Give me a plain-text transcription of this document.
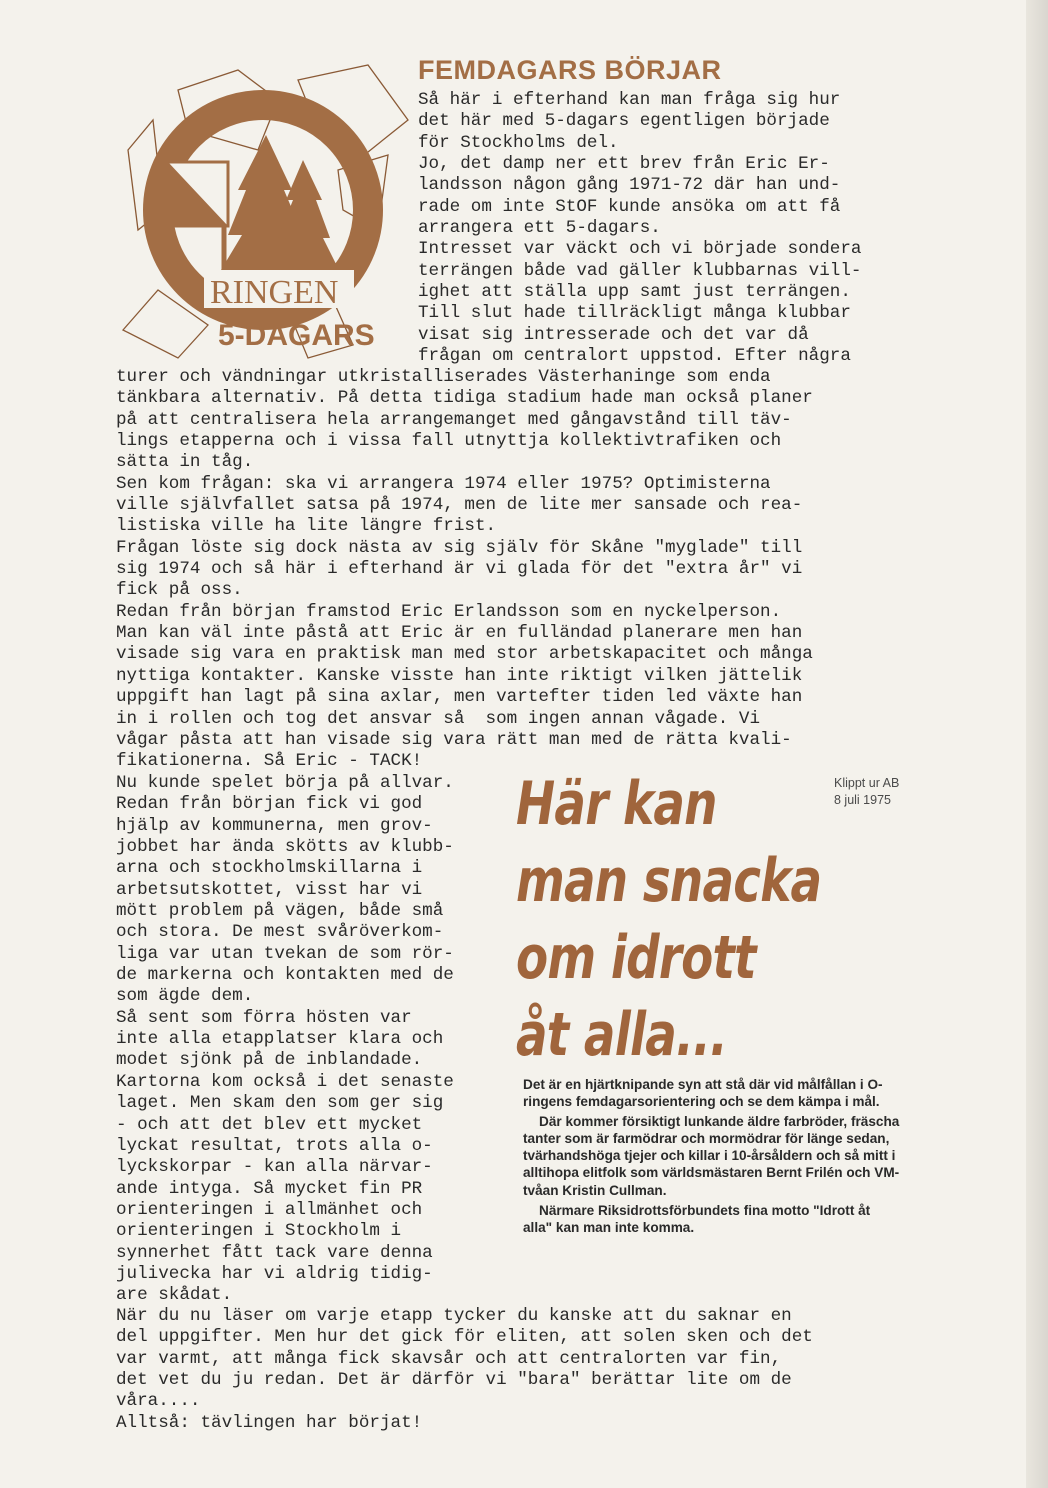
RINGEN
5-DAGARS
FEMDAGARS BÖRJAR
Så här i efterhand kan man fråga sig hur
det här med 5-dagars egentligen började
för Stockholms del.
Jo, det damp ner ett brev från Eric Er-
landsson någon gång 1971-72 där han und-
rade om inte StOF kunde ansöka om att få
arrangera ett 5-dagars.
Intresset var väckt och vi började sondera
terrängen både vad gäller klubbarnas vill-
ighet att ställa upp samt just terrängen.
Till slut hade tillräckligt många klubbar
visat sig intresserade och det var då
frågan om centralort uppstod. Efter några
turer och vändningar utkristalliserades Västerhaninge som enda
tänkbara alternativ. På detta tidiga stadium hade man också planer
på att centralisera hela arrangemanget med gångavstånd till täv-
lings etapperna och i vissa fall utnyttja kollektivtrafiken och
sätta in tåg.
Sen kom frågan: ska vi arrangera 1974 eller 1975? Optimisterna
ville självfallet satsa på 1974, men de lite mer sansade och rea-
listiska ville ha lite längre frist.
Frågan löste sig dock nästa av sig själv för Skåne "myglade" till
sig 1974 och så här i efterhand är vi glada för det "extra år" vi
fick på oss.
Redan från början framstod Eric Erlandsson som en nyckelperson.
Man kan väl inte påstå att Eric är en fulländad planerare men han
visade sig vara en praktisk man med stor arbetskapacitet och många
nyttiga kontakter. Kanske visste han inte riktigt vilken jättelik
uppgift han lagt på sina axlar, men vartefter tiden led växte han
in i rollen och tog det ansvar så  som ingen annan vågade. Vi
vågar påsta att han visade sig vara rätt man med de rätta kvali-
fikationerna. Så Eric - TACK!
Nu kunde spelet börja på allvar.
Redan från början fick vi god
hjälp av kommunerna, men grov-
jobbet har ända skötts av klubb-
arna och stockholmskillarna i
arbetsutskottet, visst har vi
mött problem på vägen, både små
och stora. De mest svåröverkom-
liga var utan tvekan de som rör-
de markerna och kontakten med de
som ägde dem.
Så sent som förra hösten var
inte alla etapplatser klara och
modet sjönk på de inblandade.
Kartorna kom också i det senaste
laget. Men skam den som ger sig
- och att det blev ett mycket
lyckat resultat, trots alla o-
lyckskorpar - kan alla närvar-
ande intyga. Så mycket fin PR
orienteringen i allmänhet och
orienteringen i Stockholm i
synnerhet fått tack vare denna
julivecka har vi aldrig tidig-
are skådat.
När du nu läser om varje etapp tycker du kanske att du saknar en
del uppgifter. Men hur det gick för eliten, att solen sken och det
var varmt, att många fick skavsår och att centralorten var fin,
det vet du ju redan. Det är därför vi "bara" berättar lite om de
våra....
Alltså: tävlingen har börjat!
Här kan
man snacka
om idrott
åt alla...
Klippt ur AB
8 juli 1975

Det är en hjärtknipande syn att stå där vid målfållan i O-ringens femdagarsorientering och se dem kämpa i mål.

Där kommer försiktigt lunkande äldre farbröder, fräscha tanter som är farmödrar och mormödrar för länge sedan, tvärhandshöga tjejer och killar i 10-årsåldern och så mitt i alltihopa elitfolk som världsmästaren Bernt Frilén och VM-tvåan Kristin Cullman.

Närmare Riksidrottsförbundets fina motto "Idrott åt alla" kan man inte komma.
